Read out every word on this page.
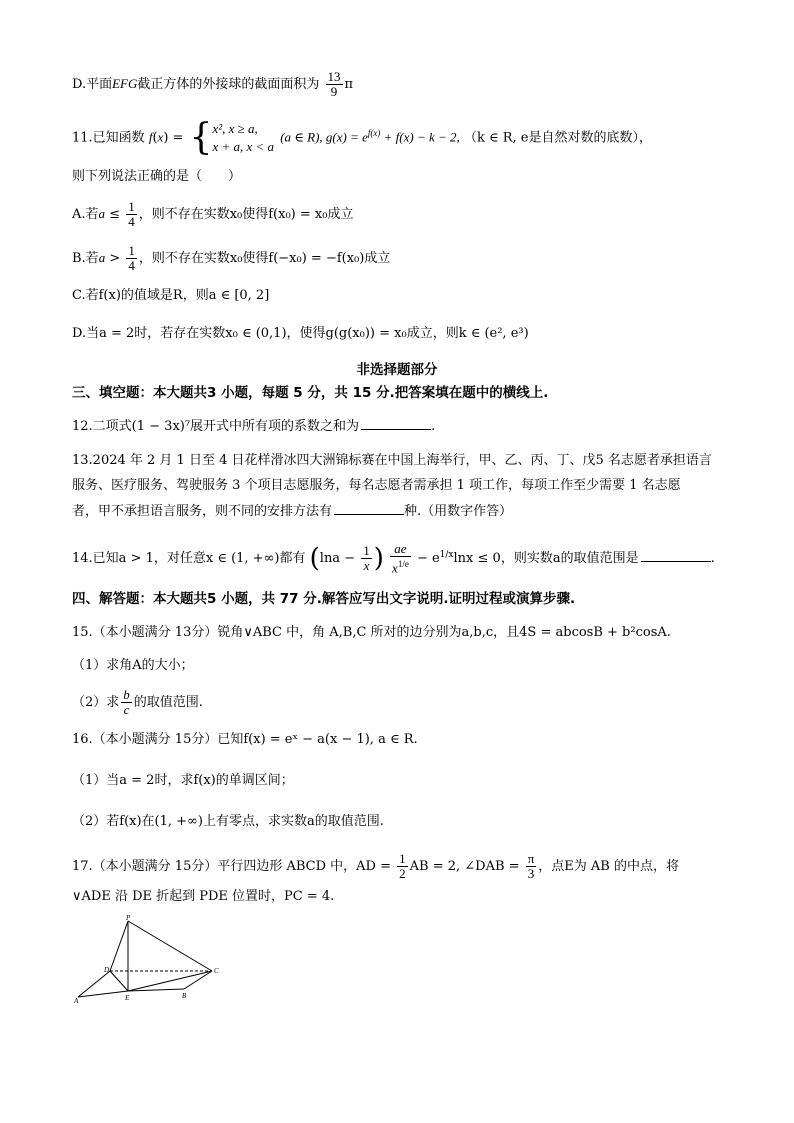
D.平面EFG截正方体的外接球的截面面积为 $\frac{13}{9}$ π
11.已知函数 f(x) = { x², x ≥ a,
x + a, x < a
(a ∈ R), $g(x) = e^{f(x)} + f(x) - k - 2$, （k ∈ R, e是自然对数的底数），
则下列说法正确的是（　　）
A.若$a \le \frac{1}{4}$ ，则不存在实数x₀使得f(x₀) = x₀成立
B.若$a > \frac{1}{4}$ ，则不存在实数x₀使得f(−x₀) = −f(x₀)成立
C.若f(x)的值域是R，则a ∈ [0, 2]
D.当a = 2时，若存在实数x₀ ∈ (0,1)，使得g(g(x₀)) = x₀成立，则k ∈ (e², e³)
非选择题部分
三、填空题：本大题共3 小题，每题 5 分，共 15 分.把答案填在题中的横线上.
12.二项式(1 − 3x)⁷展开式中所有项的系数之和为	.
13.2024 年 2 月 1 日至 4 日花样滑冰四大洲锦标赛在中国上海举行，甲、乙、丙、丁、戊5 名志愿者承担语言
服务、医疗服务、驾驶服务 3 个项目志愿服务，每名志愿者需承担 1 项工作，每项工作至少需要 1 名志愿
者，甲不承担语言服务，则不同的安排方法有	种.（用数字作答）
14.已知a > 1，对任意x ∈ (1, +∞)都有 ($\ln a - \frac{1}{x}$ ) $\frac{ae}{x^{1/e}} - e^{1/x}\ln x \le 0$，则实数a的取值范围是	.
四、解答题：本大题共5 小题，共 77 分.解答应写出文字说明.证明过程或演算步骤.
15.（本小题满分 13分）锐角∨ABC 中，角 A,B,C 所对的边分别为a,b,c，且4S = abcosB + b²cosA.
（1）求角A的大小；
（2）求 $\frac{b}{c}$ 的取值范围.
16.（本小题满分 15分）已知f(x) = eˣ − a(x − 1), a ∈ R.
（1）当a = 2时，求f(x)的单调区间；
（2）若f(x)在(1, +∞)上有零点，求实数a的取值范围.
17.（本小题满分 15分）平行四边形 ABCD 中，AD = $\frac{1}{2}$ AB = 2, ∠DAB = $\frac{\pi}{3}$ ，点E为 AB 的中点，将
∨ADE 沿 DE 折起到 PDE 位置时，PC = 4.
P
D	C
A	E	B
